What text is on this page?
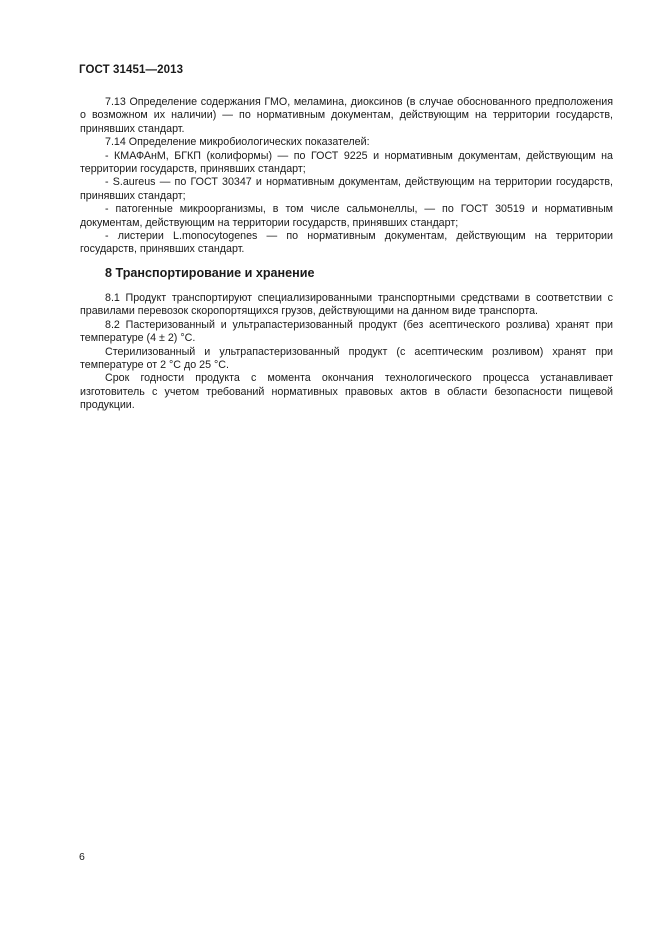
ГОСТ 31451—2013

7.13 Определение содержания ГМО, меламина, диоксинов (в случае обоснованного предположения о возможном их наличии) — по нормативным документам, действующим на территории государств, принявших стандарт.

7.14 Определение микробиологических показателей:

- КМАФАнМ, БГКП (колиформы) — по ГОСТ 9225 и нормативным документам, действующим на территории государств, принявших стандарт;

- S.aureus — по ГОСТ 30347 и нормативным документам, действующим на территории государств, принявших стандарт;

- патогенные микроорганизмы, в том числе сальмонеллы, — по ГОСТ 30519 и нормативным документам, действующим на территории государств, принявших стандарт;

- листерии L.monocytogenes — по нормативным документам, действующим на территории государств, принявших стандарт.

8 Транспортирование и хранение

8.1 Продукт транспортируют специализированными транспортными средствами в соответствии с правилами перевозок скоропортящихся грузов, действующими на данном виде транспорта.

8.2 Пастеризованный и ультрапастеризованный продукт (без асептического розлива) хранят при температуре (4 ± 2) °С.

Стерилизованный и ультрапастеризованный продукт (с асептическим розливом) хранят при температуре от 2 °С до 25 °С.

Срок годности продукта с момента окончания технологического процесса устанавливает изготовитель с учетом требований нормативных правовых актов в области безопасности пищевой продукции.

6
